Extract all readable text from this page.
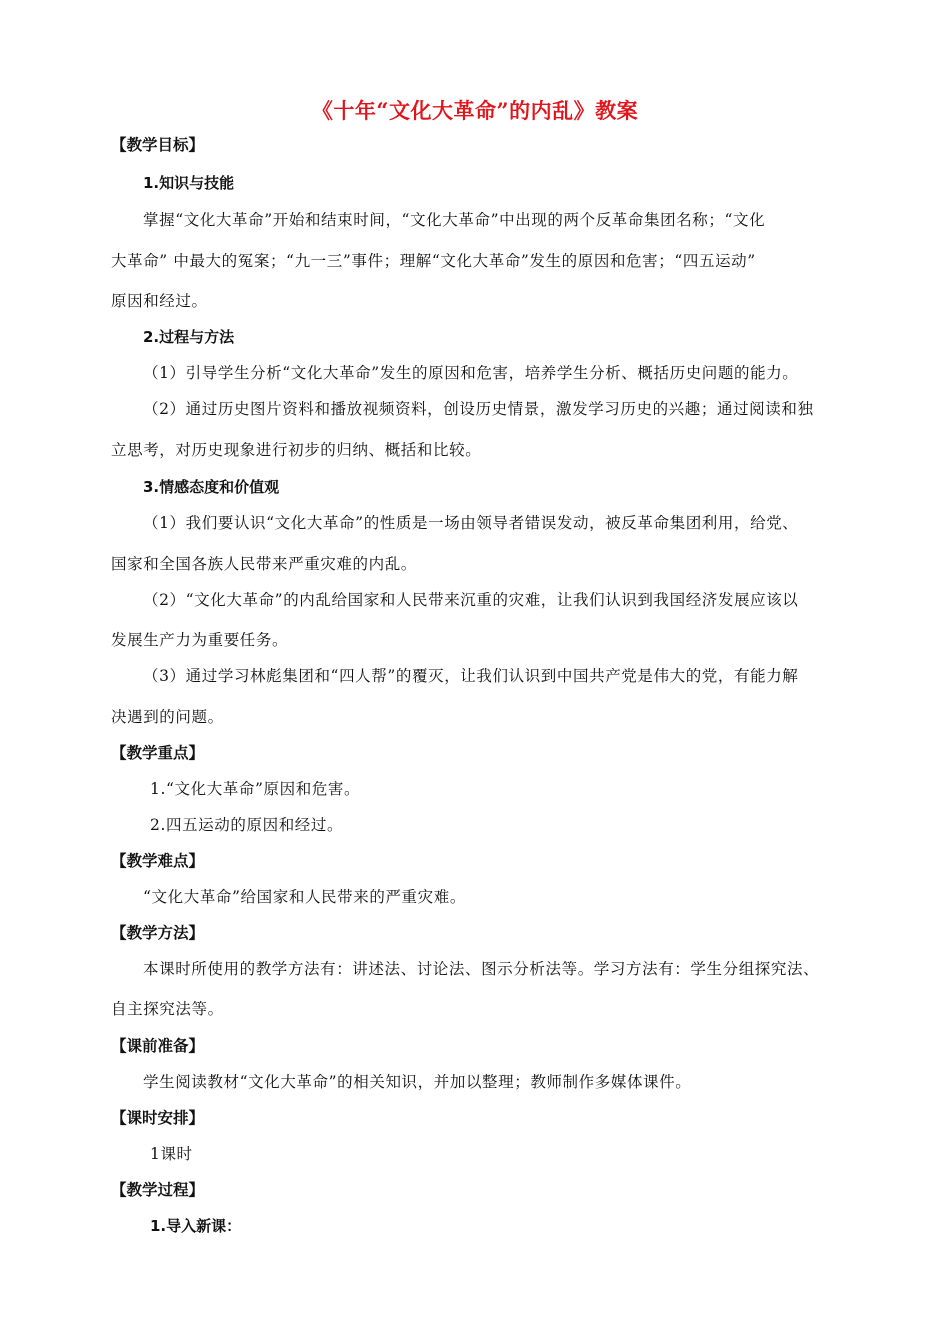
《十年“文化大革命”的内乱》教案
【教学目标】
1.知识与技能
掌握“文化大革命”开始和结束时间，“文化大革命”中出现的两个反革命集团名称；“文化
大革命” 中最大的冤案；“九一三”事件；理解“文化大革命”发生的原因和危害；“四五运动”
原因和经过。
2.过程与方法
（1）引导学生分析“文化大革命”发生的原因和危害，培养学生分析、概括历史问题的能力。
（2）通过历史图片资料和播放视频资料，创设历史情景，激发学习历史的兴趣；通过阅读和独
立思考，对历史现象进行初步的归纳、概括和比较。
3.情感态度和价值观
（1）我们要认识“文化大革命”的性质是一场由领导者错误发动，被反革命集团利用，给党、
国家和全国各族人民带来严重灾难的内乱。
（2）“文化大革命”的内乱给国家和人民带来沉重的灾难，让我们认识到我国经济发展应该以
发展生产力为重要任务。
（3）通过学习林彪集团和“四人帮”的覆灭，让我们认识到中国共产党是伟大的党，有能力解
决遇到的问题。
【教学重点】
1.“文化大革命”原因和危害。
2.四五运动的原因和经过。
【教学难点】
“文化大革命”给国家和人民带来的严重灾难。
【教学方法】
本课时所使用的教学方法有：讲述法、讨论法、图示分析法等。学习方法有：学生分组探究法、
自主探究法等。
【课前准备】
学生阅读教材“文化大革命”的相关知识，并加以整理；教师制作多媒体课件。
【课时安排】
1课时
【教学过程】
1.导入新课：
